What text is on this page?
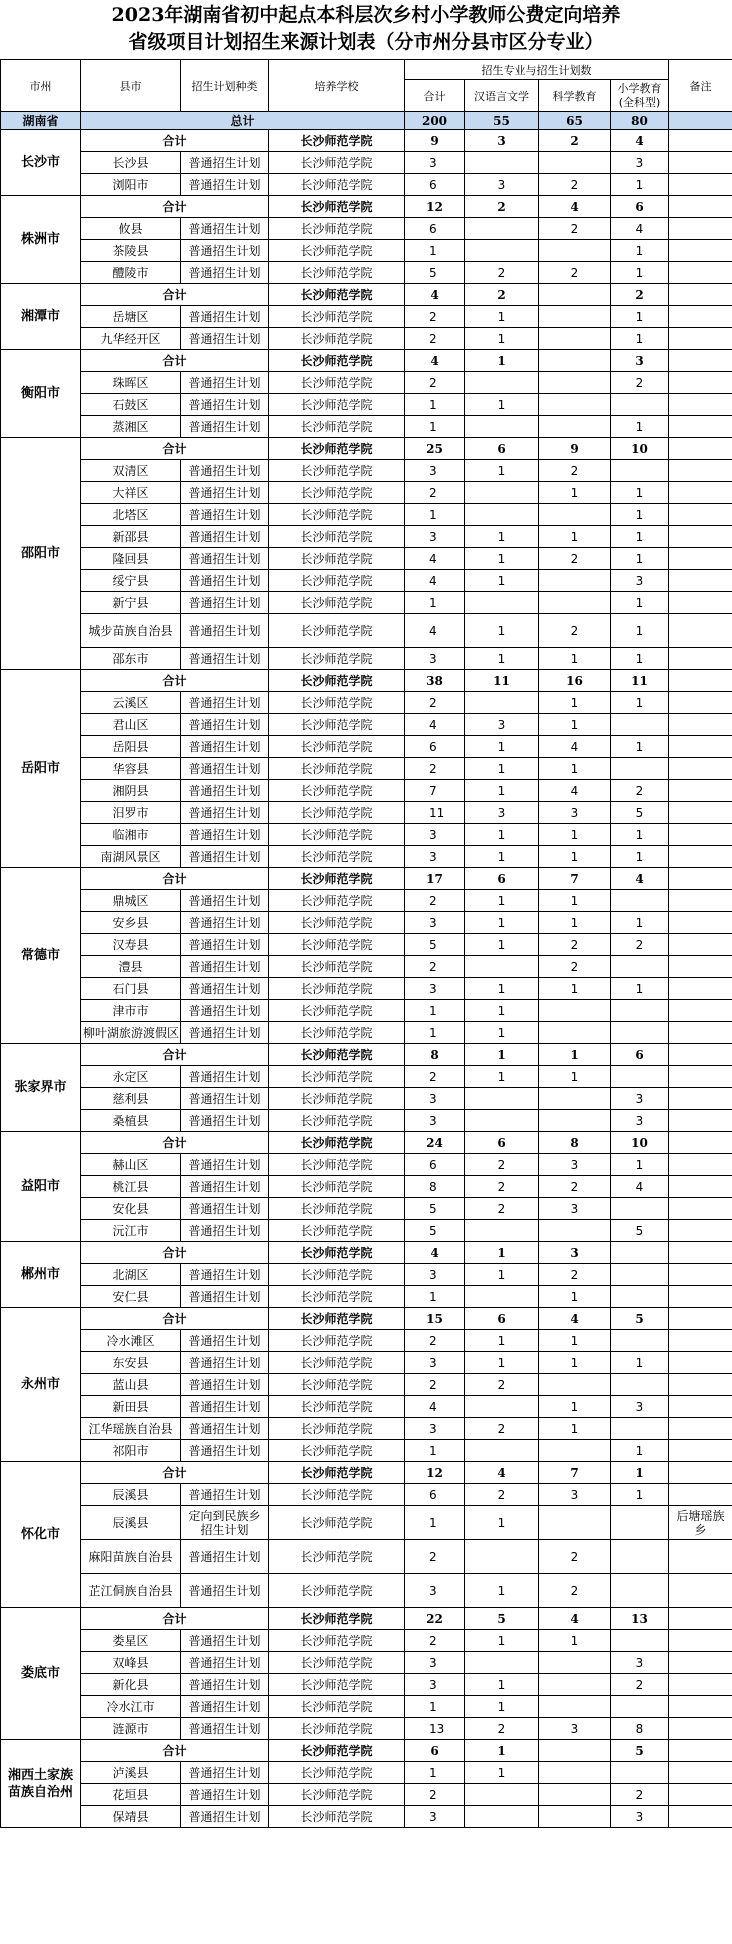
2023年湖南省初中起点本科层次乡村小学教师公费定向培养
省级项目计划招生来源计划表（分市州分县市区分专业）
市州	县市	招生计划种类	培养学校	招生专业与招生计划数				备注
				合计	汉语言文学	科学教育	小学教育
(全科型)	
湖南省	总计			200	55	65	80	
长沙市	合计		长沙师范学院	9	3	2	4	
	长沙县	普通招生计划	长沙师范学院	3			3	
	浏阳市	普通招生计划	长沙师范学院	6	3	2	1	
株洲市	合计		长沙师范学院	12	2	4	6	
	攸县	普通招生计划	长沙师范学院	6		2	4	
	茶陵县	普通招生计划	长沙师范学院	1			1	
	醴陵市	普通招生计划	长沙师范学院	5	2	2	1	
湘潭市	合计		长沙师范学院	4	2		2	
	岳塘区	普通招生计划	长沙师范学院	2	1		1	
	九华经开区	普通招生计划	长沙师范学院	2	1		1	
衡阳市	合计		长沙师范学院	4	1		3	
	珠晖区	普通招生计划	长沙师范学院	2			2	
	石鼓区	普通招生计划	长沙师范学院	1	1			
	蒸湘区	普通招生计划	长沙师范学院	1			1	
邵阳市	合计		长沙师范学院	25	6	9	10	
	双清区	普通招生计划	长沙师范学院	3	1	2		
	大祥区	普通招生计划	长沙师范学院	2		1	1	
	北塔区	普通招生计划	长沙师范学院	1			1	
	新邵县	普通招生计划	长沙师范学院	3	1	1	1	
	隆回县	普通招生计划	长沙师范学院	4	1	2	1	
	绥宁县	普通招生计划	长沙师范学院	4	1		3	
	新宁县	普通招生计划	长沙师范学院	1			1	
	城步苗族自治县	普通招生计划	长沙师范学院	4	1	2	1	
	邵东市	普通招生计划	长沙师范学院	3	1	1	1	
岳阳市	合计		长沙师范学院	38	11	16	11	
	云溪区	普通招生计划	长沙师范学院	2		1	1	
	君山区	普通招生计划	长沙师范学院	4	3	1		
	岳阳县	普通招生计划	长沙师范学院	6	1	4	1	
	华容县	普通招生计划	长沙师范学院	2	1	1		
	湘阴县	普通招生计划	长沙师范学院	7	1	4	2	
	汨罗市	普通招生计划	长沙师范学院	11	3	3	5	
	临湘市	普通招生计划	长沙师范学院	3	1	1	1	
	南湖风景区	普通招生计划	长沙师范学院	3	1	1	1	
常德市	合计		长沙师范学院	17	6	7	4	
	鼎城区	普通招生计划	长沙师范学院	2	1	1		
	安乡县	普通招生计划	长沙师范学院	3	1	1	1	
	汉寿县	普通招生计划	长沙师范学院	5	1	2	2	
	澧县	普通招生计划	长沙师范学院	2		2		
	石门县	普通招生计划	长沙师范学院	3	1	1	1	
	津市市	普通招生计划	长沙师范学院	1	1			
	柳叶湖旅游渡假区	普通招生计划	长沙师范学院	1	1			
张家界市	合计		长沙师范学院	8	1	1	6	
	永定区	普通招生计划	长沙师范学院	2	1	1		
	慈利县	普通招生计划	长沙师范学院	3			3	
	桑植县	普通招生计划	长沙师范学院	3			3	
益阳市	合计		长沙师范学院	24	6	8	10	
	赫山区	普通招生计划	长沙师范学院	6	2	3	1	
	桃江县	普通招生计划	长沙师范学院	8	2	2	4	
	安化县	普通招生计划	长沙师范学院	5	2	3		
	沅江市	普通招生计划	长沙师范学院	5			5	
郴州市	合计		长沙师范学院	4	1	3		
	北湖区	普通招生计划	长沙师范学院	3	1	2		
	安仁县	普通招生计划	长沙师范学院	1		1		
永州市	合计		长沙师范学院	15	6	4	5	
	冷水滩区	普通招生计划	长沙师范学院	2	1	1		
	东安县	普通招生计划	长沙师范学院	3	1	1	1	
	蓝山县	普通招生计划	长沙师范学院	2	2			
	新田县	普通招生计划	长沙师范学院	4		1	3	
	江华瑶族自治县	普通招生计划	长沙师范学院	3	2	1		
	祁阳市	普通招生计划	长沙师范学院	1			1	
怀化市	合计		长沙师范学院	12	4	7	1	
	辰溪县	普通招生计划	长沙师范学院	6	2	3	1	
	辰溪县	定向到民族乡招生计划	长沙师范学院	1	1			后塘瑶族乡
	麻阳苗族自治县	普通招生计划	长沙师范学院	2		2		
	芷江侗族自治县	普通招生计划	长沙师范学院	3	1	2		
娄底市	合计		长沙师范学院	22	5	4	13	
	娄星区	普通招生计划	长沙师范学院	2	1	1		
	双峰县	普通招生计划	长沙师范学院	3			3	
	新化县	普通招生计划	长沙师范学院	3	1		2	
	冷水江市	普通招生计划	长沙师范学院	1	1			
	涟源市	普通招生计划	长沙师范学院	13	2	3	8	
湘西土家族苗族自治州	合计		长沙师范学院	6	1		5	
	泸溪县	普通招生计划	长沙师范学院	1	1			
	花垣县	普通招生计划	长沙师范学院	2			2	
	保靖县	普通招生计划	长沙师范学院	3			3	
